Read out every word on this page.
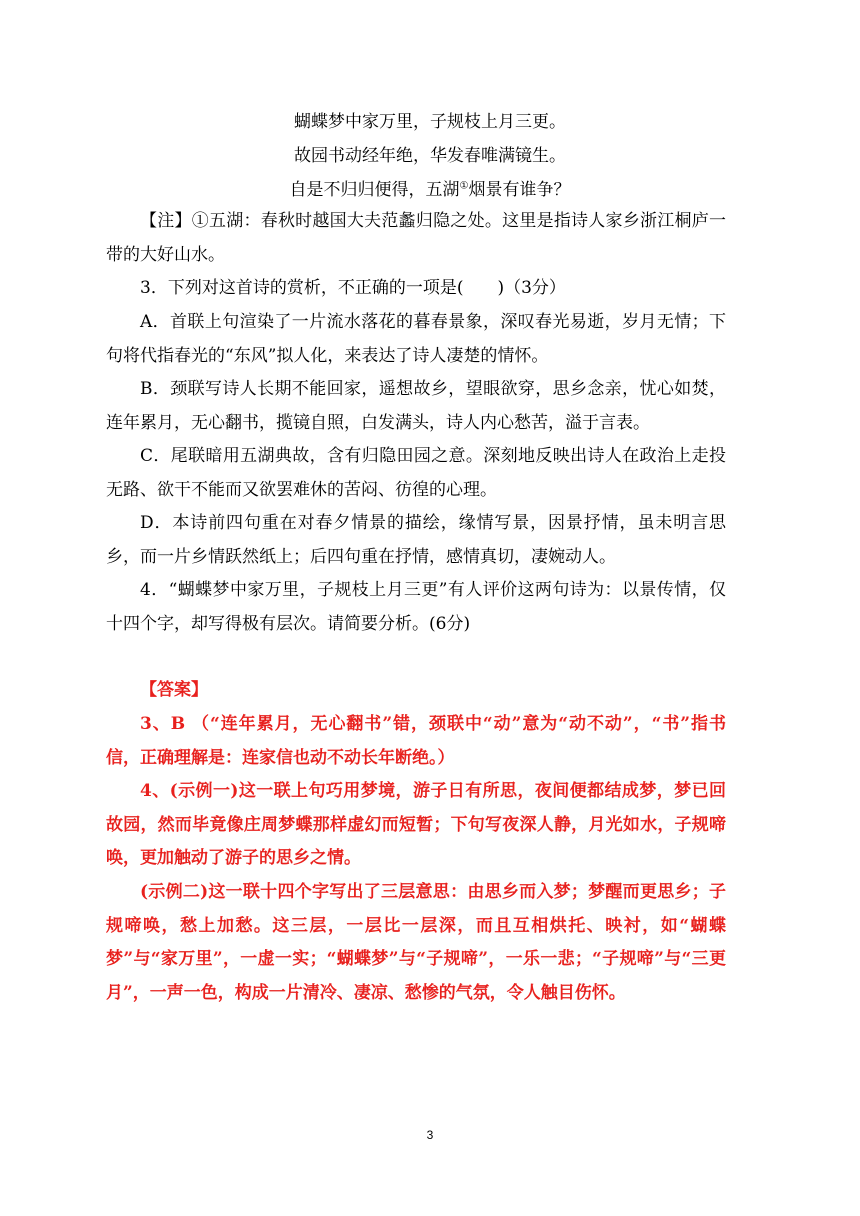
蝴蝶梦中家万里，子规枝上月三更。
故园书动经年绝，华发春唯满镜生。
自是不归归便得，五湖①烟景有谁争？
【注】①五湖：春秋时越国大夫范蠡归隐之处。这里是指诗人家乡浙江桐庐一带的大好山水。
3．下列对这首诗的赏析，不正确的一项是(　　)（3分）
A．首联上句渲染了一片流水落花的暮春景象，深叹春光易逝，岁月无情；下句将代指春光的“东风”拟人化，来表达了诗人凄楚的情怀。
B．颈联写诗人长期不能回家，遥想故乡，望眼欲穿，思乡念亲，忧心如焚，连年累月，无心翻书，揽镜自照，白发满头，诗人内心愁苦，溢于言表。
C．尾联暗用五湖典故，含有归隐田园之意。深刻地反映出诗人在政治上走投无路、欲干不能而又欲罢难休的苦闷、彷徨的心理。
D．本诗前四句重在对春夕情景的描绘，缘情写景，因景抒情，虽未明言思乡，而一片乡情跃然纸上；后四句重在抒情，感情真切，凄婉动人。
4．“蝴蝶梦中家万里，子规枝上月三更”有人评价这两句诗为：以景传情，仅十四个字，却写得极有层次。请简要分析。(6分)
【答案】
3、B （“连年累月，无心翻书”错，颈联中“动”意为“动不动”，“书”指书信，正确理解是：连家信也动不动长年断绝。）
4、(示例一)这一联上句巧用梦境，游子日有所思，夜间便都结成梦，梦已回故园，然而毕竟像庄周梦蝶那样虚幻而短暂；下句写夜深人静，月光如水，子规啼唤，更加触动了游子的思乡之情。
(示例二)这一联十四个字写出了三层意思：由思乡而入梦；梦醒而更思乡；子规啼唤，愁上加愁。这三层，一层比一层深，而且互相烘托、映衬，如“蝴蝶梦”与“家万里”，一虚一实；“蝴蝶梦”与“子规啼”，一乐一悲；“子规啼”与“三更月”，一声一色，构成一片清冷、凄凉、愁惨的气氛，令人触目伤怀。
3
